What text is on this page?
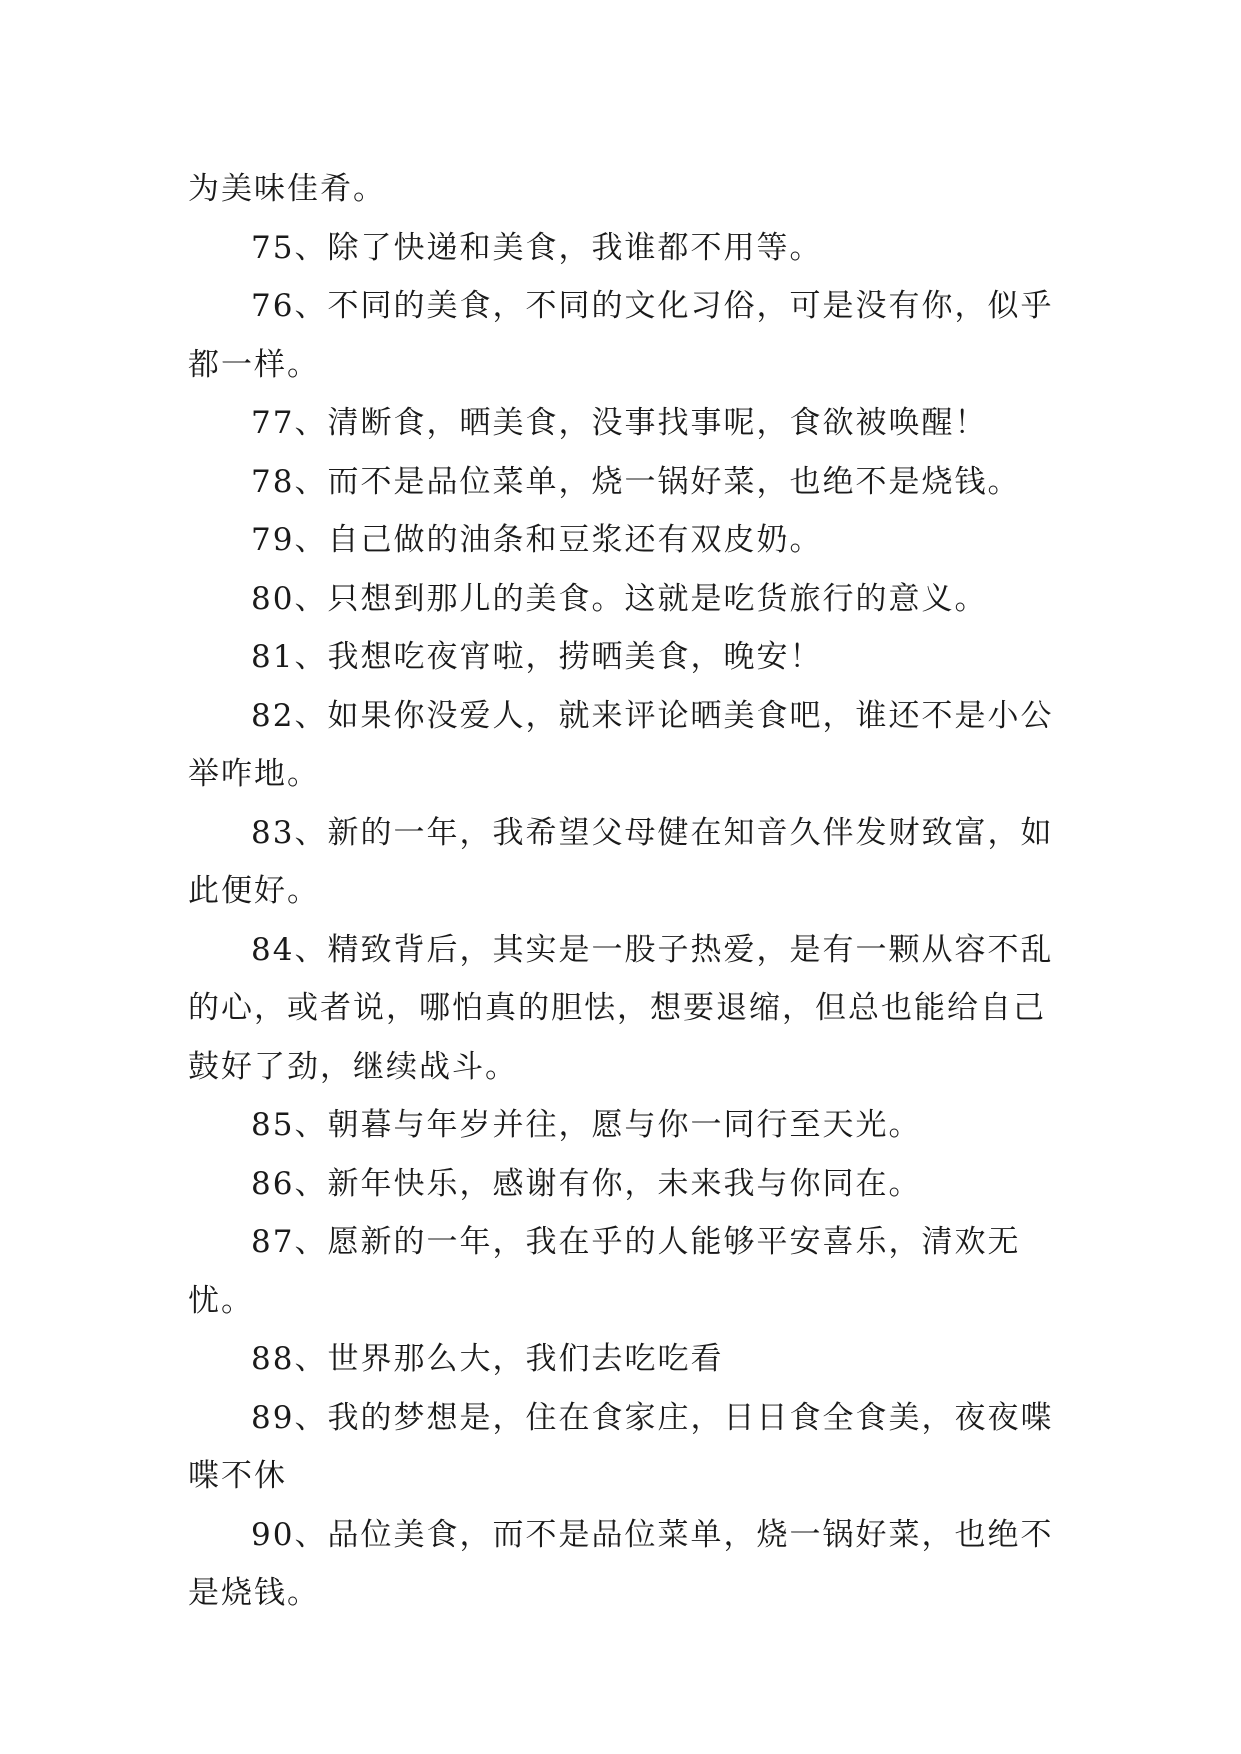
为美味佳肴。

75、除了快递和美食，我谁都不用等。

76、不同的美食，不同的文化习俗，可是没有你，似乎都一样。

77、清断食，晒美食，没事找事呢，食欲被唤醒！

78、而不是品位菜单，烧一锅好菜，也绝不是烧钱。

79、自己做的油条和豆浆还有双皮奶。

80、只想到那儿的美食。这就是吃货旅行的意义。

81、我想吃夜宵啦，捞晒美食，晚安！

82、如果你没爱人，就来评论晒美食吧，谁还不是小公举咋地。

83、新的一年，我希望父母健在知音久伴发财致富，如此便好。

84、精致背后，其实是一股子热爱，是有一颗从容不乱的心，或者说，哪怕真的胆怯，想要退缩，但总也能给自己鼓好了劲，继续战斗。

85、朝暮与年岁并往，愿与你一同行至天光。

86、新年快乐，感谢有你，未来我与你同在。

87、愿新的一年，我在乎的人能够平安喜乐，清欢无忧。

88、世界那么大，我们去吃吃看

89、我的梦想是，住在食家庄，日日食全食美，夜夜喋喋不休

90、品位美食，而不是品位菜单，烧一锅好菜，也绝不是烧钱。
